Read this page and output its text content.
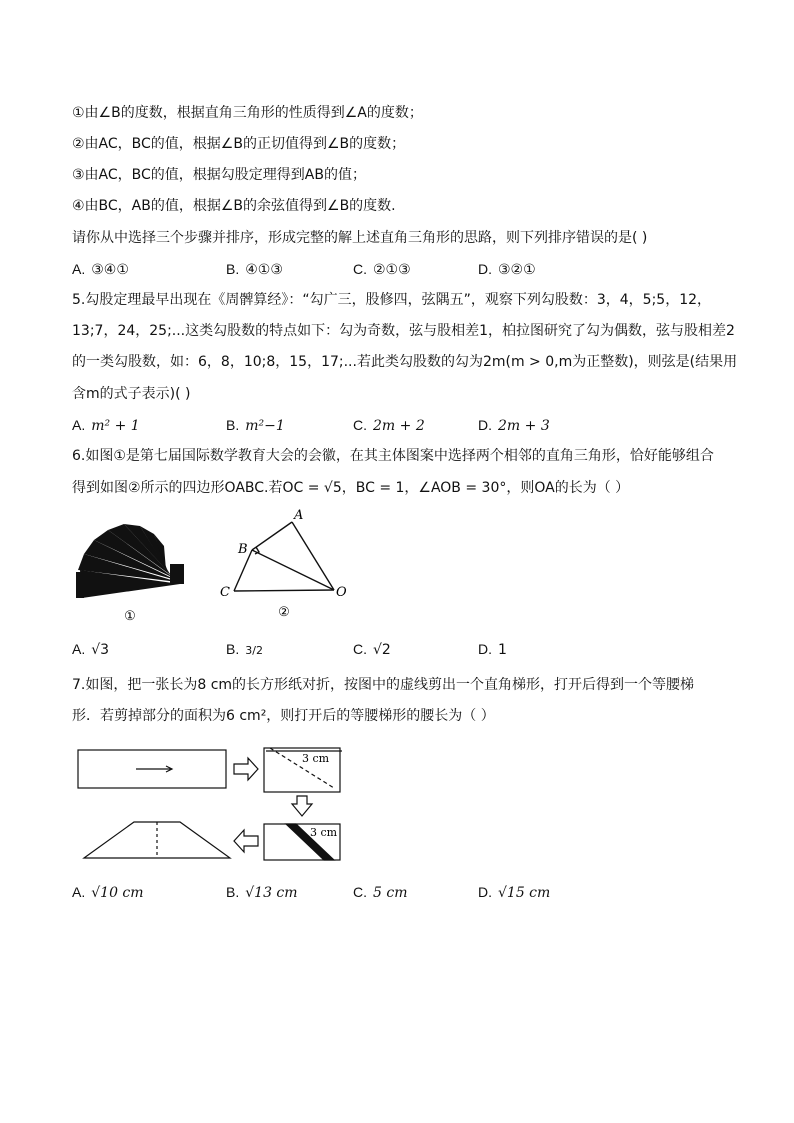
①由∠B的度数，根据直角三角形的性质得到∠A的度数；
②由AC，BC的值，根据∠B的正切值得到∠B的度数；
③由AC，BC的值，根据勾股定理得到AB的值；
④由BC，AB的值，根据∠B的余弦值得到∠B的度数.
请你从中选择三个步骤并排序，形成完整的解上述直角三角形的思路，则下列排序错误的是( )
A. ③④①	B. ④①③	C. ②①③	D. ③②①
5.勾股定理最早出现在《周髀算经》：“勾广三，股修四，弦隅五”，观察下列勾股数：3，4，5;5，12，
13;7，24，25;...这类勾股数的特点如下：勾为奇数，弦与股相差1，柏拉图研究了勾为偶数，弦与股相差2
的一类勾股数，如：6，8，10;8，15，17;...若此类勾股数的勾为2m(m > 0,m为正整数)，则弦是(结果用
含m的式子表示)( )
A. m² + 1	B. m²−1	C. 2m + 2	D. 2m + 3
6.如图①是第七届国际数学教育大会的会徽，在其主体图案中选择两个相邻的直角三角形，恰好能够组合
得到如图②所示的四边形OABC.若OC = √5，BC = 1，∠AOB = 30°，则OA的长为（ ）
①
A
B
C	O
②
A. √3	B. 3/2	C. √2	D. 1
7.如图，把一张长为8 cm的长方形纸对折，按图中的虚线剪出一个直角梯形，打开后得到一个等腰梯
形．若剪掉部分的面积为6 cm²，则打开后的等腰梯形的腰长为（ ）
3 cm
3 cm
A. √10 cm	B. √13 cm	C. 5 cm	D. √15 cm
